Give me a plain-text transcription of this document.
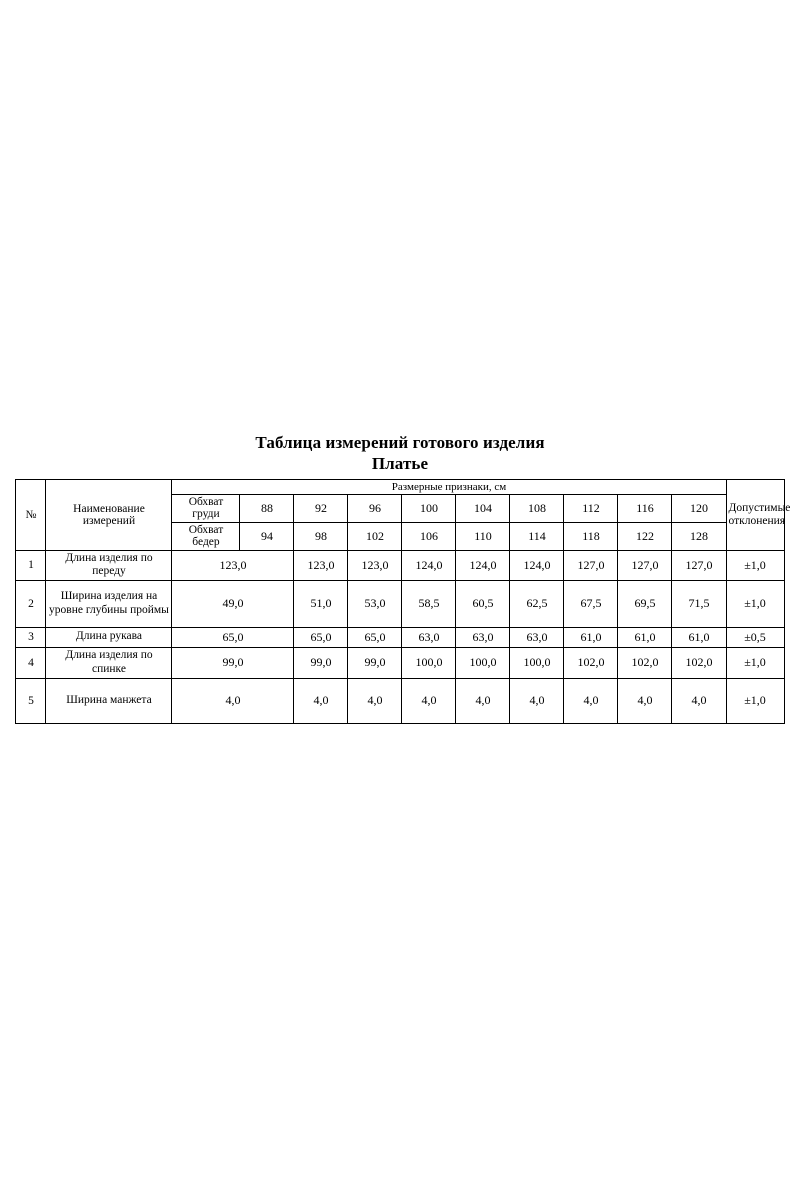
Таблица измерений готового изделия
Платье
№	Наименование измерений	Размерные признаки, см										Допустимые отклонения
		Обхват груди	88	92	96	100	104	108	112	116	120	
		Обхват бедер	94	98	102	106	110	114	118	122	128	
1	Длина изделия по переду	123,0		123,0	123,0	124,0	124,0	124,0	127,0	127,0	127,0	±1,0
2	Ширина изделия на уровне глубины проймы	49,0		51,0	53,0	58,5	60,5	62,5	67,5	69,5	71,5	±1,0
3	Длина рукава	65,0		65,0	65,0	63,0	63,0	63,0	61,0	61,0	61,0	±0,5
4	Длина изделия по спинке	99,0		99,0	99,0	100,0	100,0	100,0	102,0	102,0	102,0	±1,0
5	Ширина манжета	4,0		4,0	4,0	4,0	4,0	4,0	4,0	4,0	4,0	±1,0
